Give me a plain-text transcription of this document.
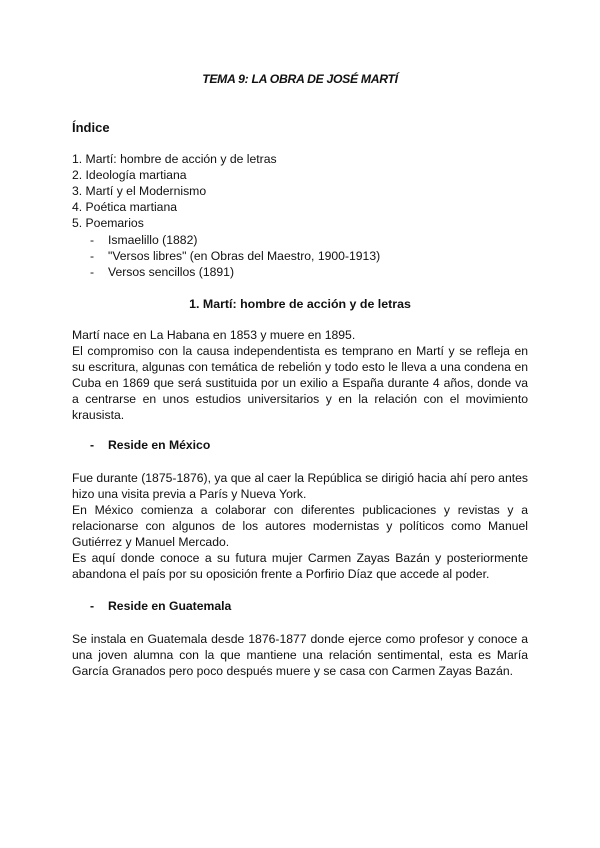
TEMA 9: LA OBRA DE JOSÉ MARTÍ
Índice
1. Martí: hombre de acción y de letras
2. Ideología martiana
3. Martí y el Modernismo
4. Poética martiana
5. Poemarios
-	Ismaelillo (1882)
-	"Versos libres" (en Obras del Maestro, 1900-1913)
-	Versos sencillos (1891)
1. Martí: hombre de acción y de letras

Martí nace en La Habana en 1853 y muere en 1895.

El compromiso con la causa independentista es temprano en Martí y se refleja en su escritura, algunas con temática de rebelión y todo esto le lleva a una condena en Cuba en 1869 que será sustituida por un exilio a España durante 4 años, donde va a centrarse en unos estudios universitarios y en la relación con el movimiento krausista.

-	Reside en México

Fue durante (1875-1876), ya que al caer la República se dirigió hacia ahí pero antes hizo una visita previa a París y Nueva York.

En México comienza a colaborar con diferentes publicaciones y revistas y a relacionarse con algunos de los autores modernistas y políticos como Manuel Gutiérrez y Manuel Mercado.

Es aquí donde conoce a su futura mujer Carmen Zayas Bazán y posteriormente abandona el país por su oposición frente a Porfirio Díaz que accede al poder.

-	Reside en Guatemala

Se instala en Guatemala desde 1876-1877 donde ejerce como profesor y conoce a una joven alumna con la que mantiene una relación sentimental, esta es María García Granados pero poco después muere y se casa con Carmen Zayas Bazán.
